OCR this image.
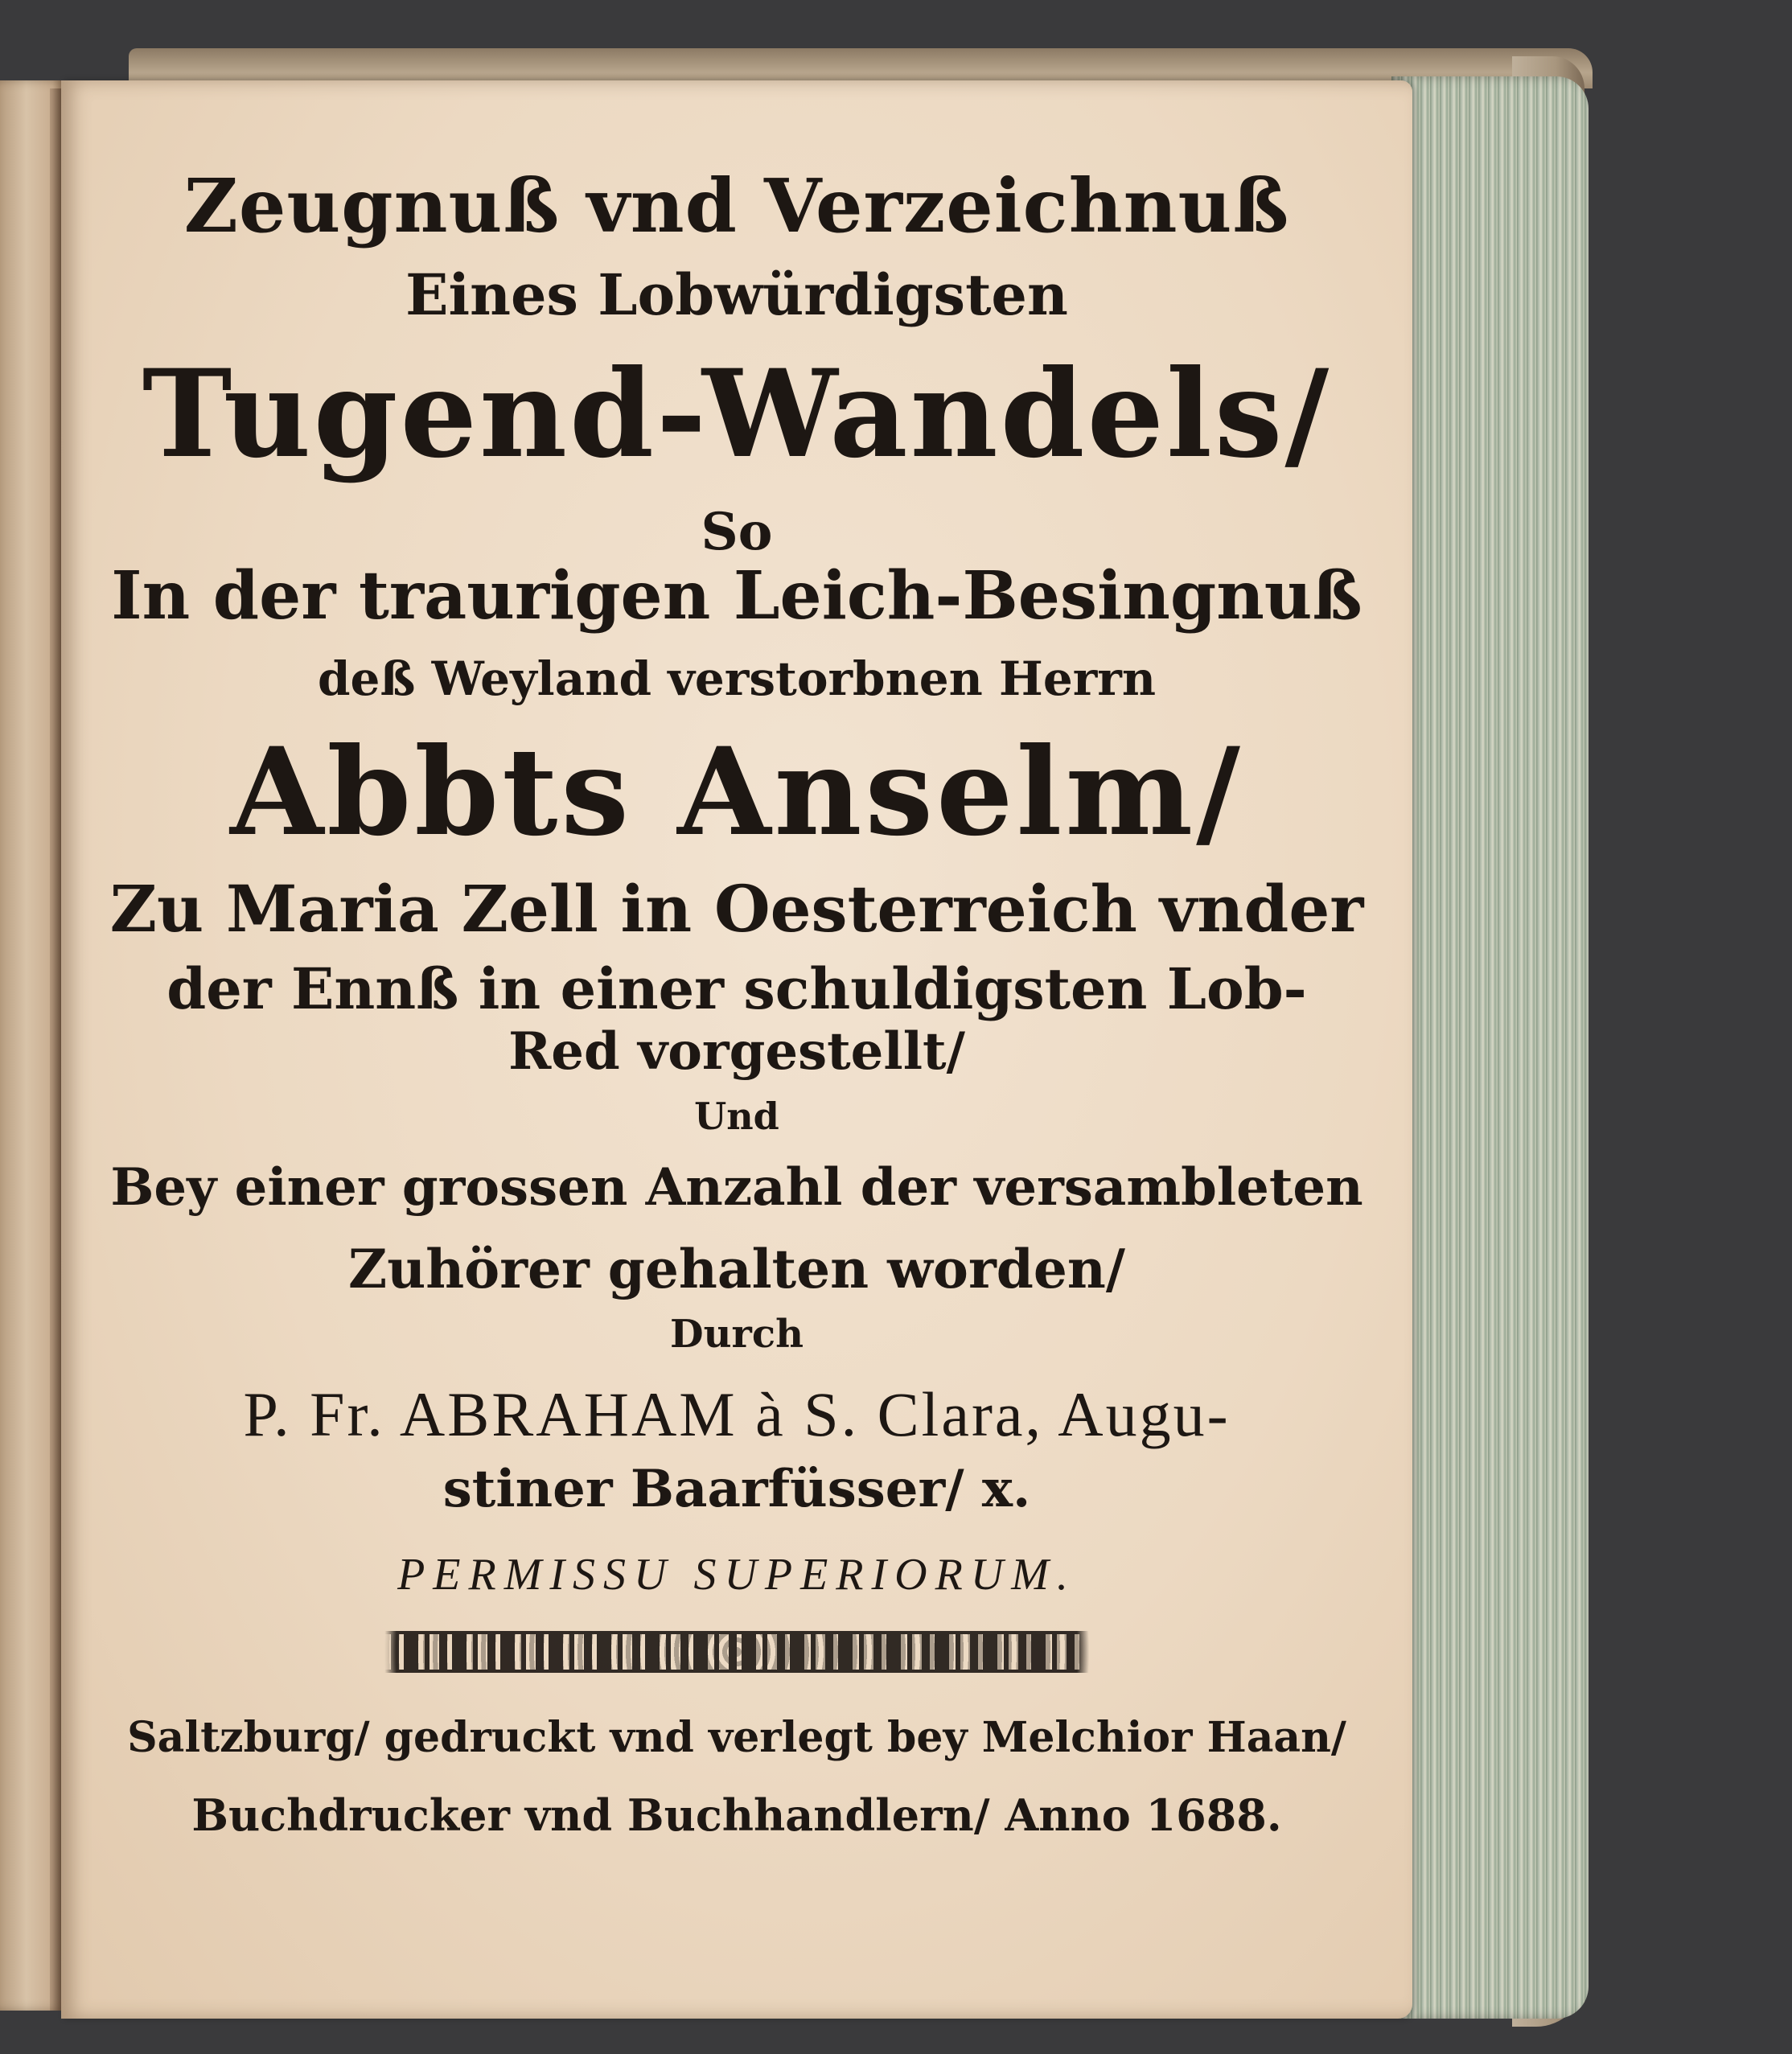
Zeugnuß vnd Verzeichnuß
Eines Lobwürdigsten
Tugend-Wandels/
So
In der traurigen Leich-Besingnuß
deß Weyland verstorbnen Herrn
Abbts Anselm/
Zu Maria Zell in Oesterreich vnder
der Ennß in einer schuldigsten Lob-
Red vorgestellt/
Und
Bey einer grossen Anzahl der versambleten
Zuhörer gehalten worden/
Durch
P. Fr. ABRAHAM à S. Clara, Augu-
stiner Baarfüsser/ x.
PERMISSU SUPERIORUM.
Saltzburg/ gedruckt vnd verlegt bey Melchior Haan/
Buchdrucker vnd Buchhandlern/ Anno 1688.
